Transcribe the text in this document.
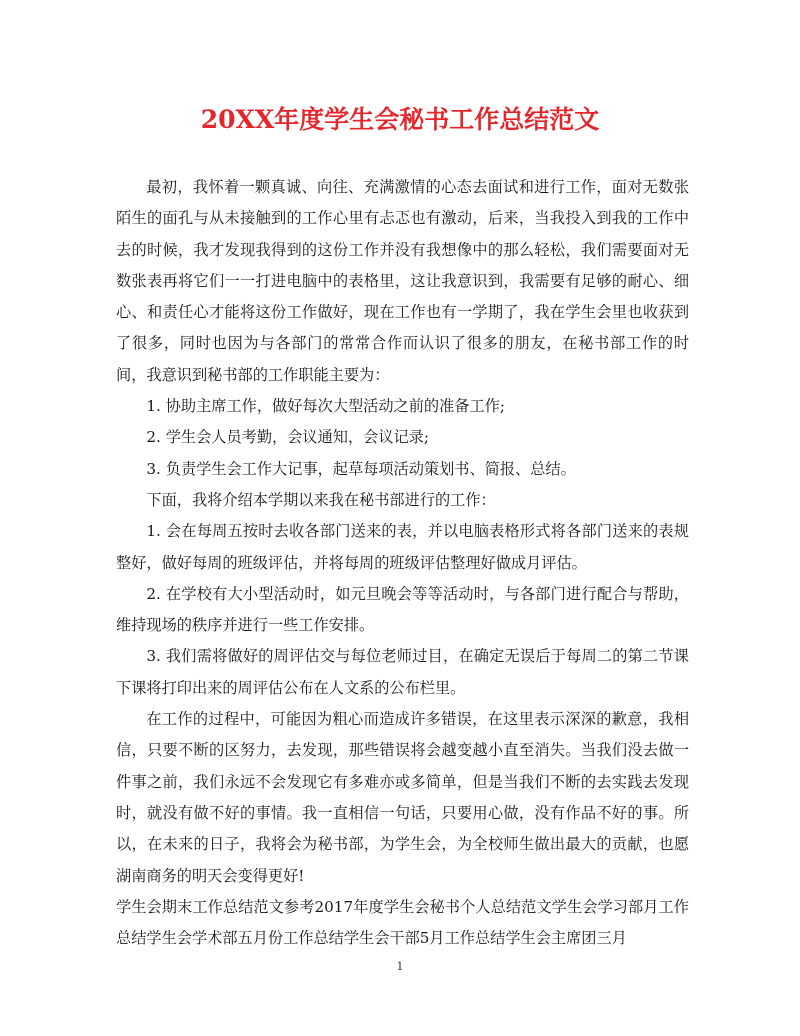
20XX年度学生会秘书工作总结范文

最初，我怀着一颗真诚、向往、充满激情的心态去面试和进行工作，面对无数张陌生的面孔与从未接触到的工作心里有忐忑也有激动，后来，当我投入到我的工作中去的时候，我才发现我得到的这份工作并没有我想像中的那么轻松，我们需要面对无数张表再将它们一一打进电脑中的表格里，这让我意识到，我需要有足够的耐心、细心、和责任心才能将这份工作做好，现在工作也有一学期了，我在学生会里也收获到了很多，同时也因为与各部门的常常合作而认识了很多的朋友，在秘书部工作的时间，我意识到秘书部的工作职能主要为：

1. 协助主席工作，做好每次大型活动之前的准备工作;

2. 学生会人员考勤，会议通知，会议记录;

3. 负责学生会工作大记事，起草每项活动策划书、简报、总结。

下面，我将介绍本学期以来我在秘书部进行的工作：

1. 会在每周五按时去收各部门送来的表，并以电脑表格形式将各部门送来的表规整好，做好每周的班级评估，并将每周的班级评估整理好做成月评估。

2. 在学校有大小型活动时，如元旦晚会等等活动时，与各部门进行配合与帮助，维持现场的秩序并进行一些工作安排。

3. 我们需将做好的周评估交与每位老师过目，在确定无误后于每周二的第二节课下课将打印出来的周评估公布在人文系的公布栏里。

在工作的过程中，可能因为粗心而造成许多错误，在这里表示深深的歉意，我相信，只要不断的区努力，去发现，那些错误将会越变越小直至消失。当我们没去做一件事之前，我们永远不会发现它有多难亦或多简单，但是当我们不断的去实践去发现时，就没有做不好的事情。我一直相信一句话，只要用心做，没有作品不好的事。所以，在未来的日子，我将会为秘书部，为学生会，为全校师生做出最大的贡献，也愿湖南商务的明天会变得更好!

学生会期末工作总结范文参考2017年度学生会秘书个人总结范文学生会学习部月工作总结学生会学术部五月份工作总结学生会干部5月工作总结学生会主席团三月

1
